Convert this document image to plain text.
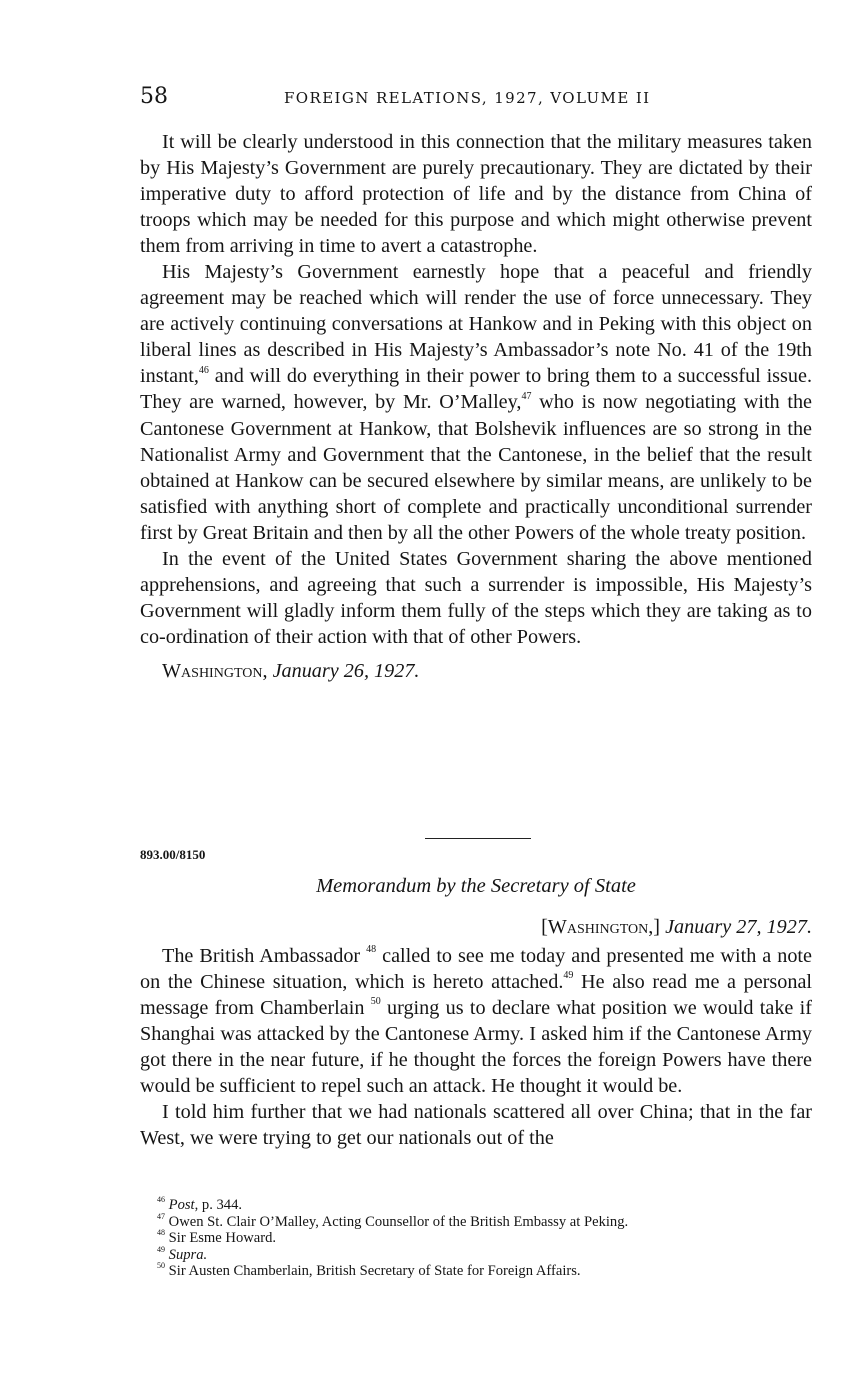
58	FOREIGN RELATIONS, 1927, VOLUME II

It will be clearly understood in this connection that the military measures taken by His Majesty’s Government are purely precautionary. They are dictated by their imperative duty to afford protection of life and by the distance from China of troops which may be needed for this purpose and which might otherwise prevent them from arriving in time to avert a catastrophe.

His Majesty’s Government earnestly hope that a peaceful and friendly agreement may be reached which will render the use of force unnecessary. They are actively continuing conversations at Hankow and in Peking with this object on liberal lines as described in His Majesty’s Ambassador’s note No. 41 of the 19th instant,$^{46}$ and will do everything in their power to bring them to a successful issue. They are warned, however, by Mr. O’Malley,$^{47}$ who is now negotiating with the Cantonese Government at Hankow, that Bolshevik influences are so strong in the Nationalist Army and Government that the Cantonese, in the belief that the result obtained at Hankow can be secured elsewhere by similar means, are unlikely to be satisfied with anything short of complete and practically unconditional surrender first by Great Britain and then by all the other Powers of the whole treaty position.

In the event of the United States Government sharing the above mentioned apprehensions, and agreeing that such a surrender is impossible, His Majesty’s Government will gladly inform them fully of the steps which they are taking as to co-ordination of their action with that of other Powers.

Washington, January 26, 1927.

893.00/8150
Memorandum by the Secretary of State
[Washington,] January 27, 1927.

The British Ambassador $^{48}$ called to see me today and presented me with a note on the Chinese situation, which is hereto attached.$^{49}$ He also read me a personal message from Chamberlain $^{50}$ urging us to declare what position we would take if Shanghai was attacked by the Cantonese Army. I asked him if the Cantonese Army got there in the near future, if he thought the forces the foreign Powers have there would be sufficient to repel such an attack. He thought it would be.

I told him further that we had nationals scattered all over China; that in the far West, we were trying to get our nationals out of the

$^{46}$ Post, p. 344.
$^{47}$ Owen St. Clair O’Malley, Acting Counsellor of the British Embassy at Peking.
$^{48}$ Sir Esme Howard.
$^{49}$ Supra.
$^{50}$ Sir Austen Chamberlain, British Secretary of State for Foreign Affairs.
